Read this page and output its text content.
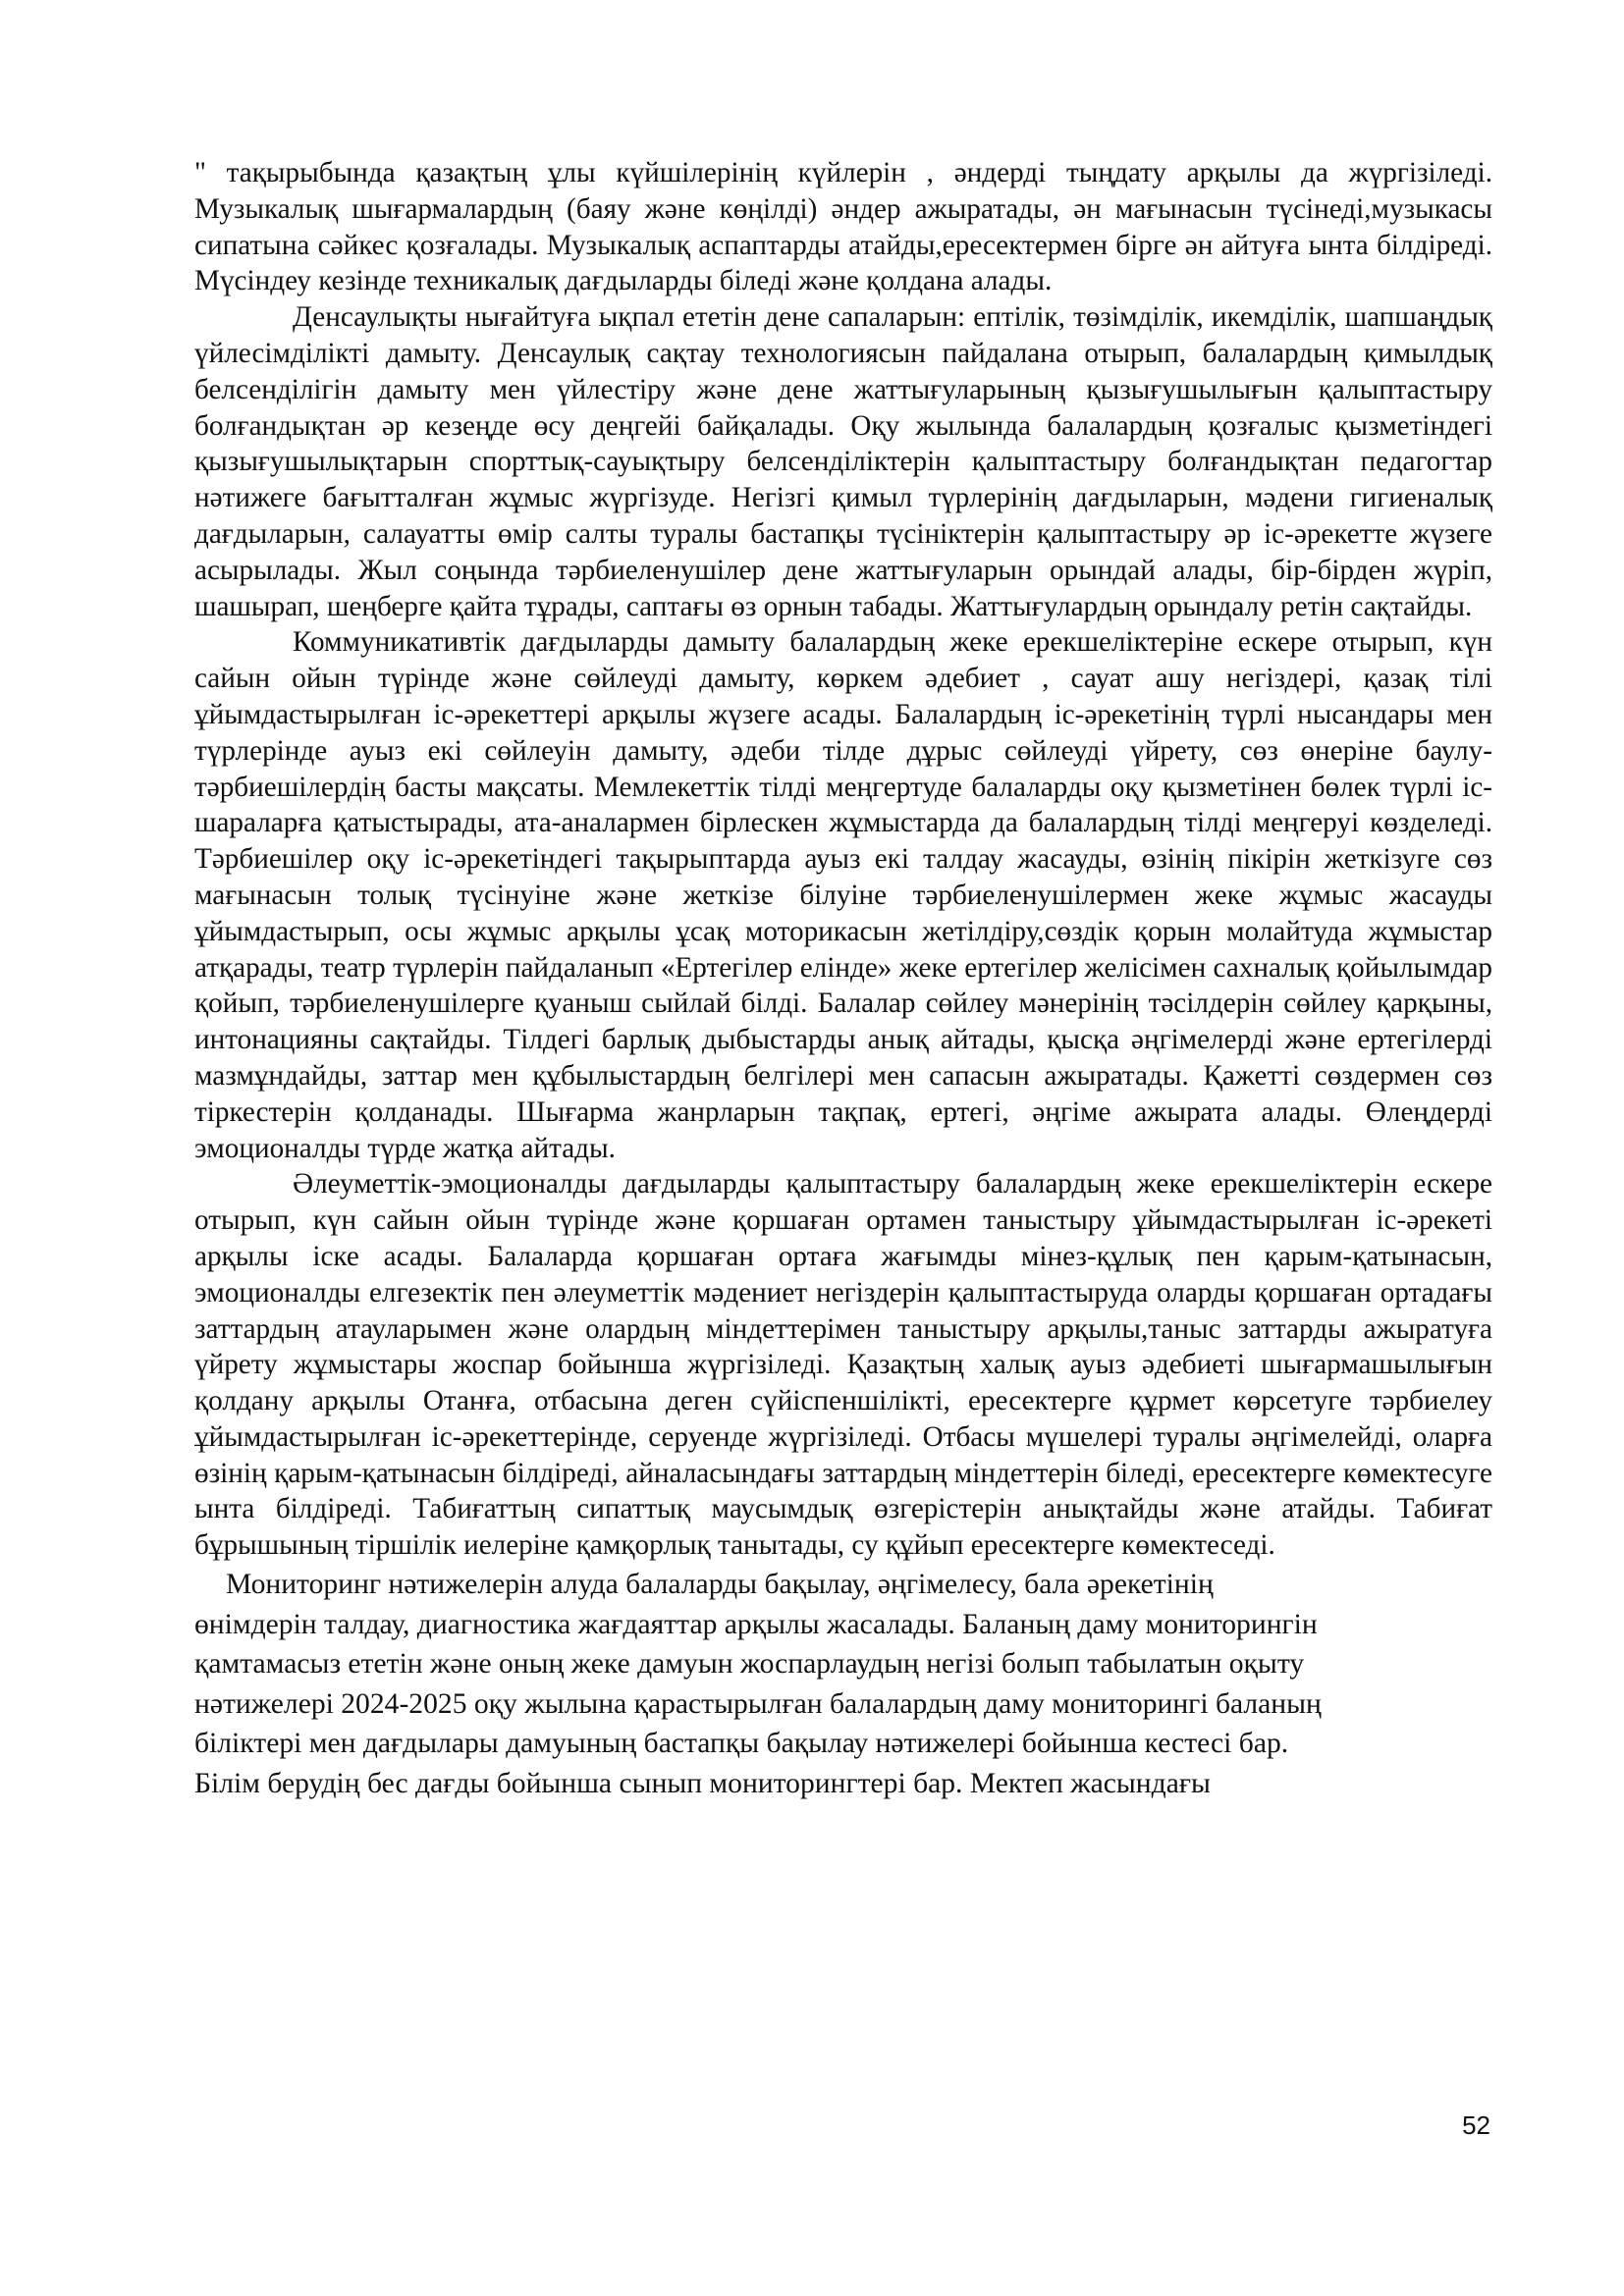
" тақырыбында қазақтың ұлы күйшілерінің күйлерін , әндерді тыңдату арқылы да жүргізіледі. Музыкалық шығармалардың (баяу және көңілді) әндер ажыратады, ән мағынасын түсінеді,музыкасы сипатына сәйкес қозғалады. Музыкалық аспаптарды атайды,ересектермен бірге ән айтуға ынта білдіреді. Мүсіндеу кезінде техникалық дағдыларды біледі және қолдана алады.

Денсаулықты нығайтуға ықпал ететін дене сапаларын: ептілік, төзімділік, икемділік, шапшаңдық үйлесімділікті дамыту. Денсаулық сақтау технологиясын пайдалана отырып, балалардың қимылдық белсенділігін дамыту мен үйлестіру және дене жаттығуларының қызығушылығын қалыптастыру болғандықтан әр кезеңде өсу деңгейі байқалады. Оқу жылында балалардың қозғалыс қызметіндегі қызығушылықтарын спорттық-сауықтыру белсенділіктерін қалыптастыру болғандықтан педагогтар нәтижеге бағытталған жұмыс жүргізуде. Негізгі қимыл түрлерінің дағдыларын, мәдени гигиеналық дағдыларын, салауатты өмір салты туралы бастапқы түсініктерін қалыптастыру әр іс-әрекетте жүзеге асырылады. Жыл соңында тәрбиеленушілер дене жаттығуларын орындай алады, бір-бірден жүріп, шашырап, шеңберге қайта тұрады, саптағы өз орнын табады. Жаттығулардың орындалу ретін сақтайды.

Коммуникативтік дағдыларды дамыту балалардың жеке ерекшеліктеріне ескере отырып, күн сайын ойын түрінде және сөйлеуді дамыту, көркем әдебиет , сауат ашу негіздері, қазақ тілі ұйымдастырылған іс-әрекеттері арқылы жүзеге асады. Балалардың іс-әрекетінің түрлі нысандары мен түрлерінде ауыз екі сөйлеуін дамыту, әдеби тілде дұрыс сөйлеуді үйрету, сөз өнеріне баулу-тәрбиешілердің басты мақсаты. Мемлекеттік тілді меңгертуде балаларды оқу қызметінен бөлек түрлі іс-шараларға қатыстырады, ата-аналармен бірлескен жұмыстарда да балалардың тілді меңгеруі көзделеді. Тәрбиешілер оқу іс-әрекетіндегі тақырыптарда ауыз екі талдау жасауды, өзінің пікірін жеткізуге сөз мағынасын толық түсінуіне және жеткізе білуіне тәрбиеленушілермен жеке жұмыс жасауды ұйымдастырып, осы жұмыс арқылы ұсақ моторикасын жетілдіру,сөздік қорын молайтуда жұмыстар атқарады, театр түрлерін пайдаланып «Ертегілер елінде» жеке ертегілер желісімен сахналық қойылымдар қойып, тәрбиеленушілерге қуаныш сыйлай білді. Балалар сөйлеу мәнерінің тәсілдерін сөйлеу қарқыны, интонацияны сақтайды. Тілдегі барлық дыбыстарды анық айтады, қысқа әңгімелерді және ертегілерді мазмұндайды, заттар мен құбылыстардың белгілері мен сапасын ажыратады. Қажетті сөздермен сөз тіркестерін қолданады. Шығарма жанрларын тақпақ, ертегі, әңгіме ажырата алады. Өлеңдерді эмоционалды түрде жатқа айтады.

Әлеуметтік-эмоционалды дағдыларды қалыптастыру балалардың жеке ерекшеліктерін ескере отырып, күн сайын ойын түрінде және қоршаған ортамен таныстыру ұйымдастырылған іс-әрекеті арқылы іске асады. Балаларда қоршаған ортаға жағымды мінез-құлық пен қарым-қатынасын, эмоционалды елгезектік пен әлеуметтік мәдениет негіздерін қалыптастыруда оларды қоршаған ортадағы заттардың атауларымен және олардың міндеттерімен таныстыру арқылы,таныс заттарды ажыратуға үйрету жұмыстары жоспар бойынша жүргізіледі. Қазақтың халық ауыз әдебиеті шығармашылығын қолдану арқылы Отанға, отбасына деген сүйіспеншілікті, ересектерге құрмет көрсетуге тәрбиелеу ұйымдастырылған іс-әрекеттерінде, серуенде жүргізіледі. Отбасы мүшелері туралы әңгімелейді, оларға өзінің қарым-қатынасын білдіреді, айналасындағы заттардың міндеттерін біледі, ересектерге көмектесуге ынта білдіреді. Табиғаттың сипаттық маусымдық өзгерістерін анықтайды және атайды. Табиғат бұрышының тіршілік иелеріне қамқорлық танытады, су құйып ересектерге көмектеседі.

Мониторинг нәтижелерін алуда балаларды бақылау, әңгімелесу, бала әрекетінің
өнімдерін талдау, диагностика жағдаяттар арқылы жасалады. Баланың даму мониторингін
қамтамасыз ететін және оның жеке дамуын жоспарлаудың негізі болып табылатын оқыту
нәтижелері 2024-2025 оқу жылына қарастырылған балалардың даму мониторингі баланың
біліктері мен дағдылары дамуының бастапқы бақылау нәтижелері бойынша кестесі бар.
Білім берудің бес дағды бойынша сынып мониторингтері бар. Мектеп жасындағы
52
